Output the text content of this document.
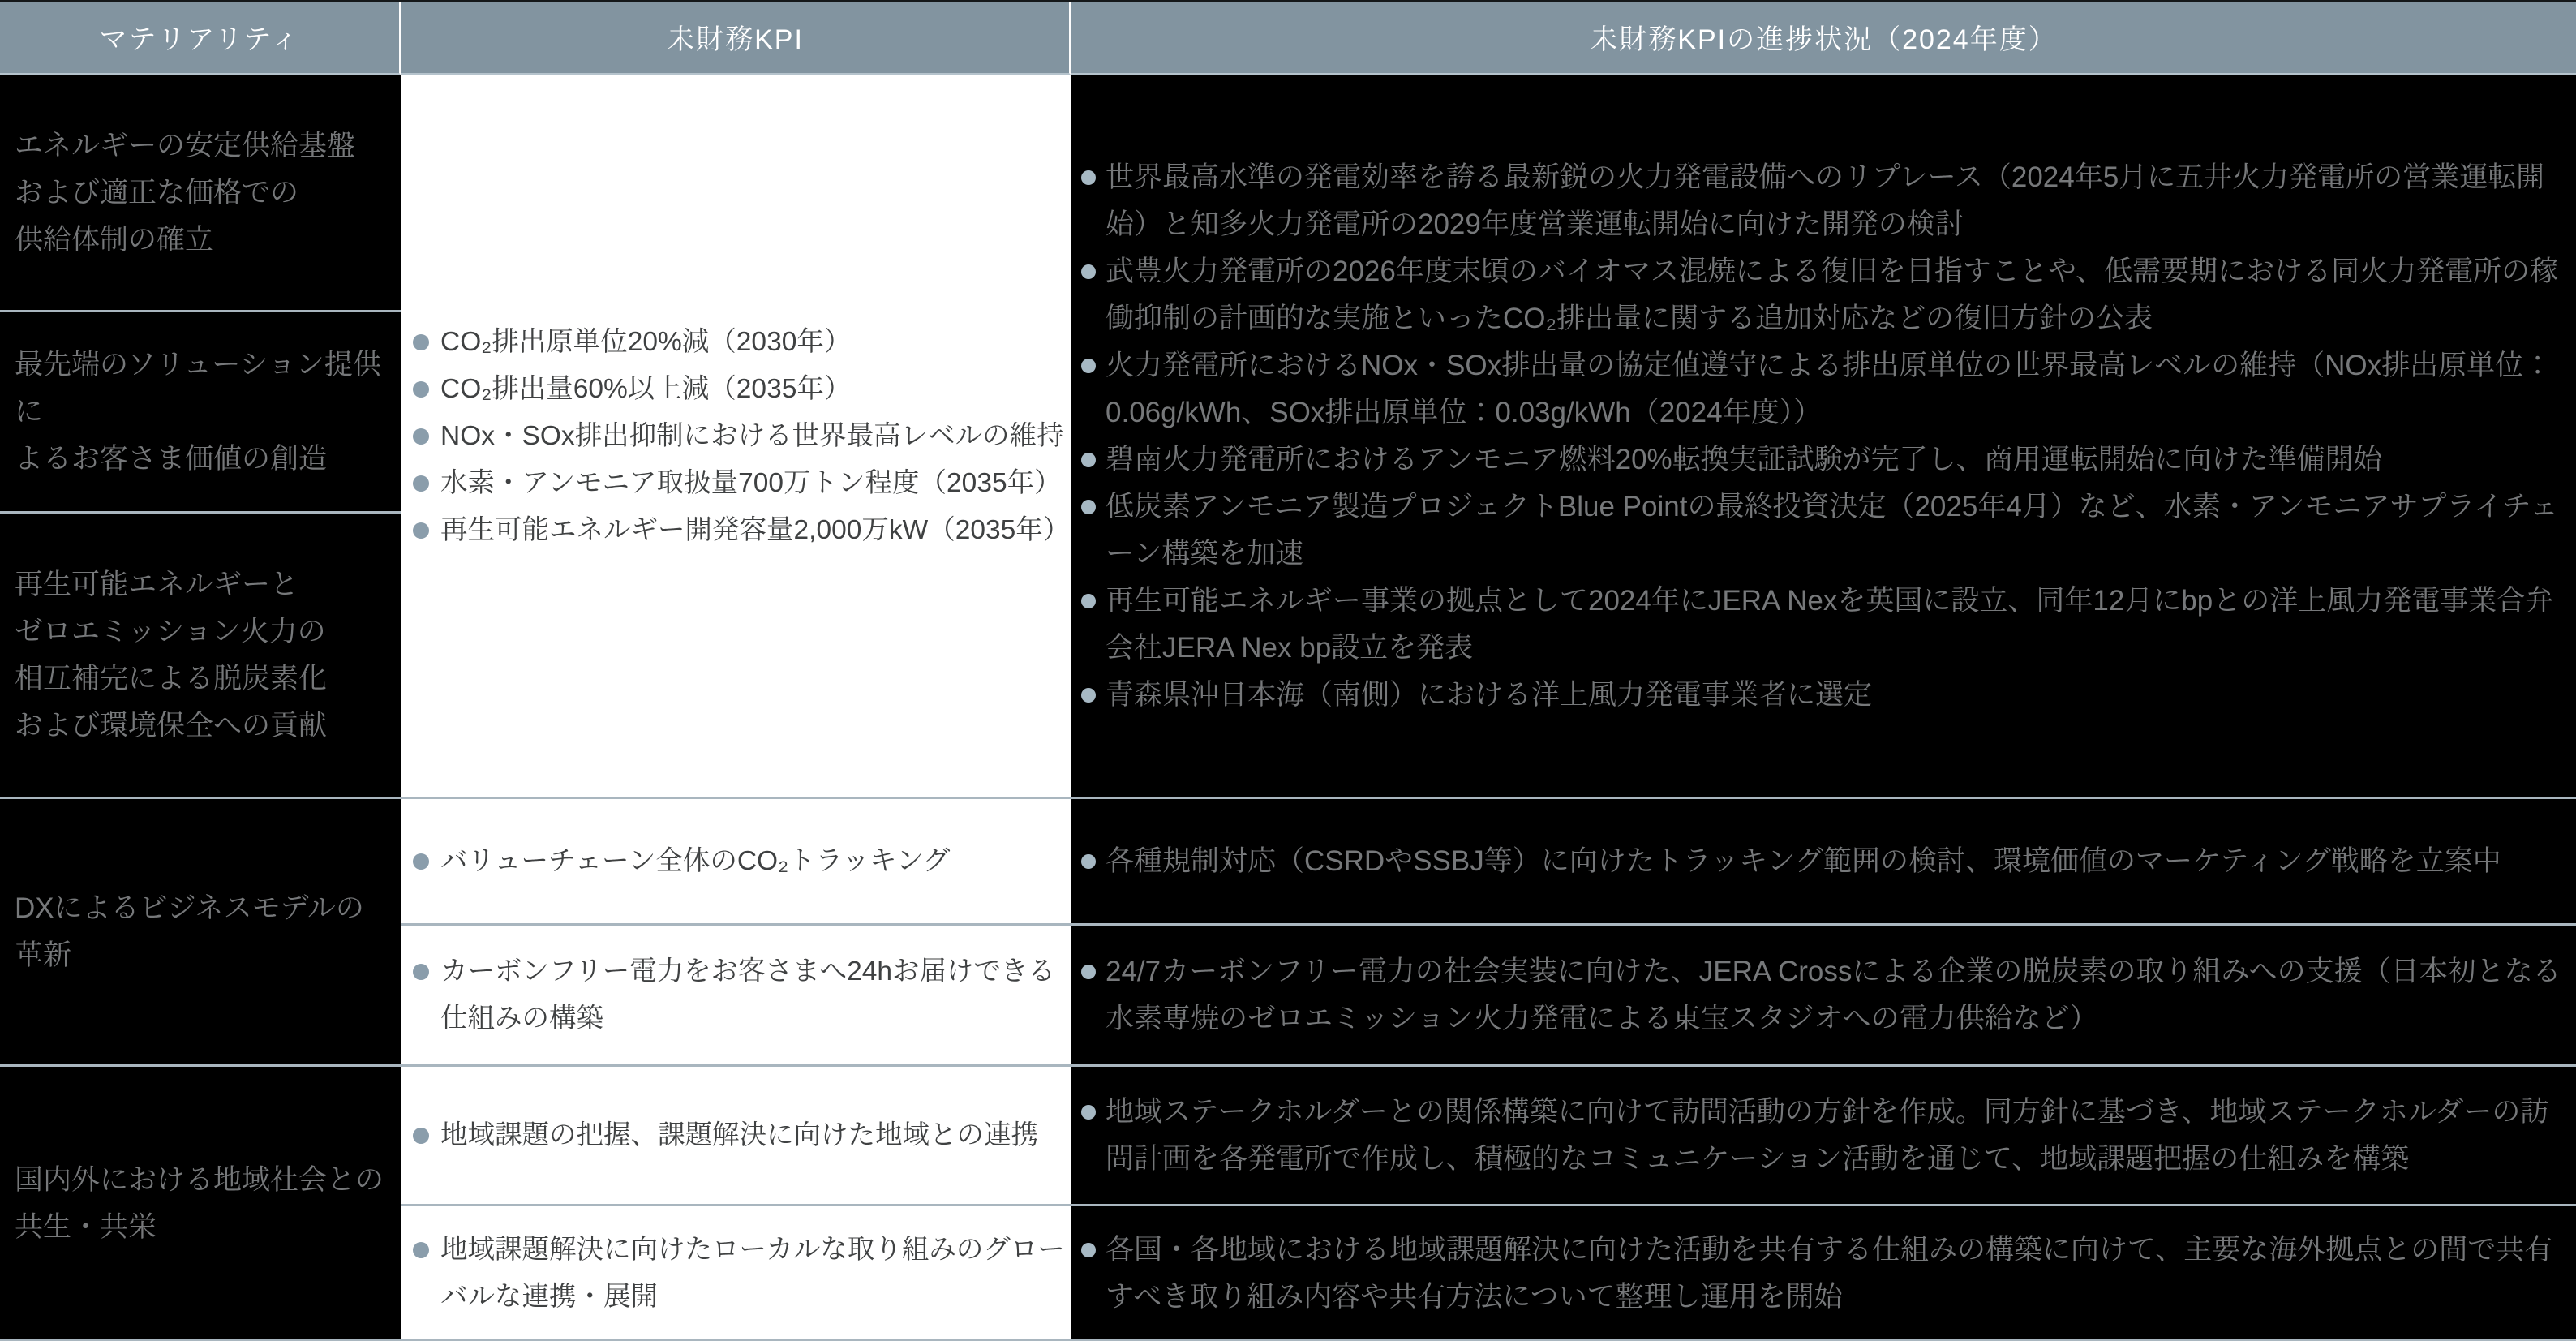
マテリアリティ	未財務KPI	未財務KPIの進捗状況（2024年度）
エネルギーの安定供給基盤
および適正な価格での
供給体制の確立
最先端のソリューション提供に
よるお客さま価値の創造
再生可能エネルギーと
ゼロエミッション火力の
相互補完による脱炭素化
および環境保全への貢献
DXによるビジネスモデルの
革新
国内外における地域社会との
共生・共栄
CO₂排出原単位20%減（2030年）
CO₂排出量60%以上減（2035年）
NOx・SOx排出抑制における世界最高レベルの維持
水素・アンモニア取扱量700万トン程度（2035年）
再生可能エネルギー開発容量2,000万kW（2035年）
バリューチェーン全体のCO₂トラッキング
カーボンフリー電力をお客さまへ24hお届けできる仕組みの構築
地域課題の把握、課題解決に向けた地域との連携
地域課題解決に向けたローカルな取り組みのグローバルな連携・展開
世界最高水準の発電効率を誇る最新鋭の火力発電設備へのリプレース（2024年5月に五井火力発電所の営業運転開始）と知多火力発電所の2029年度営業運転開始に向けた開発の検討
武豊火力発電所の2026年度末頃のバイオマス混焼による復旧を目指すことや、低需要期における同火力発電所の稼働抑制の計画的な実施といったCO₂排出量に関する追加対応などの復旧方針の公表
火力発電所におけるNOx・SOx排出量の協定値遵守による排出原単位の世界最高レベルの維持（NOx排出原単位：0.06g/kWh、SOx排出原単位：0.03g/kWh（2024年度））
碧南火力発電所におけるアンモニア燃料20%転換実証試験が完了し、商用運転開始に向けた準備開始
低炭素アンモニア製造プロジェクトBlue Pointの最終投資決定（2025年4月）など、水素・アンモニアサプライチェーン構築を加速
再生可能エネルギー事業の拠点として2024年にJERA Nexを英国に設立、同年12月にbpとの洋上風力発電事業合弁会社JERA Nex bp設立を発表
青森県沖日本海（南側）における洋上風力発電事業者に選定
各種規制対応（CSRDやSSBJ等）に向けたトラッキング範囲の検討、環境価値のマーケティング戦略を立案中
24/7カーボンフリー電力の社会実装に向けた、JERA Crossによる企業の脱炭素の取り組みへの支援（日本初となる水素専焼のゼロエミッション火力発電による東宝スタジオへの電力供給など）
地域ステークホルダーとの関係構築に向けて訪問活動の方針を作成。同方針に基づき、地域ステークホルダーの訪問計画を各発電所で作成し、積極的なコミュニケーション活動を通じて、地域課題把握の仕組みを構築
各国・各地域における地域課題解決に向けた活動を共有する仕組みの構築に向けて、主要な海外拠点との間で共有すべき取り組み内容や共有方法について整理し運用を開始
